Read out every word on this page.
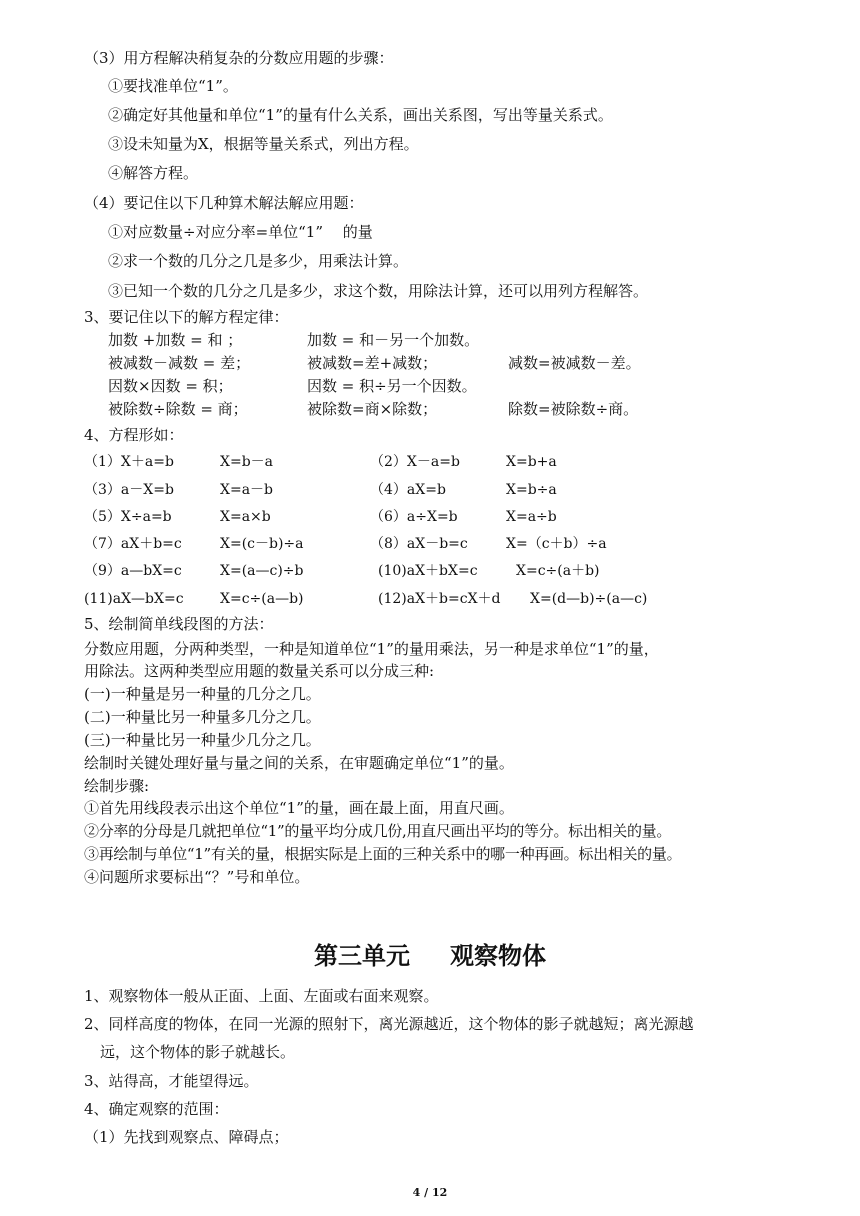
（3）用方程解决稍复杂的分数应用题的步骤：
①要找准单位“1”。
②确定好其他量和单位“1”的量有什么关系，画出关系图，写出等量关系式。
③设未知量为X，根据等量关系式，列出方程。
④解答方程。
（4）要记住以下几种算术解法解应用题：
①对应数量÷对应分率=单位“1”　 的量
②求一个数的几分之几是多少，用乘法计算。
③已知一个数的几分之几是多少，求这个数，用除法计算，还可以用列方程解答。
3、要记住以下的解方程定律：
加数 +加数 = 和 ；	加数 = 和－另一个加数。
被减数－减数 = 差；	被减数=差+减数；	减数=被减数－差。
因数×因数 = 积；	因数 = 积÷另一个因数。
被除数÷除数 = 商；	被除数=商×除数；	除数=被除数÷商。
4、方程形如：
（1）X＋a=b	X=b－a	（2）X－a=b	X=b+a
（3）a－X=b	X=a－b	（4）aX=b	X=b÷a
（5）X÷a=b	X=a×b	（6）a÷X=b	X=a÷b
（7）aX＋b=c	X=(c－b)÷a	（8）aX－b=c	X=（c＋b）÷a
（9）a—bX=c	X=(a—c)÷b	(10)aX＋bX=c	X=c÷(a＋b)
(11)aX—bX=c	X=c÷(a—b)	(12)aX＋b=cX＋d X=(d—b)÷(a—c)
5、绘制简单线段图的方法：
分数应用题，分两种类型，一种是知道单位“1”的量用乘法，另一种是求单位“1”的量，
用除法。这两种类型应用题的数量关系可以分成三种:
(一)一种量是另一种量的几分之几。
(二)一种量比另一种量多几分之几。
(三)一种量比另一种量少几分之几。
绘制时关键处理好量与量之间的关系，在审题确定单位“1”的量。
绘制步骤:
①首先用线段表示出这个单位“1”的量，画在最上面，用直尺画。
②分率的分母是几就把单位“1”的量平均分成几份,用直尺画出平均的等分。标出相关的量。
③再绘制与单位“1”有关的量，根据实际是上面的三种关系中的哪一种再画。标出相关的量。
④问题所求要标出“？”号和单位。
第三单元 观察物体
1、观察物体一般从正面、上面、左面或右面来观察。
2、同样高度的物体，在同一光源的照射下，离光源越近，这个物体的影子就越短；离光源越
远，这个物体的影子就越长。
3、站得高，才能望得远。
4、确定观察的范围：
（1）先找到观察点、障碍点；
4 / 12
